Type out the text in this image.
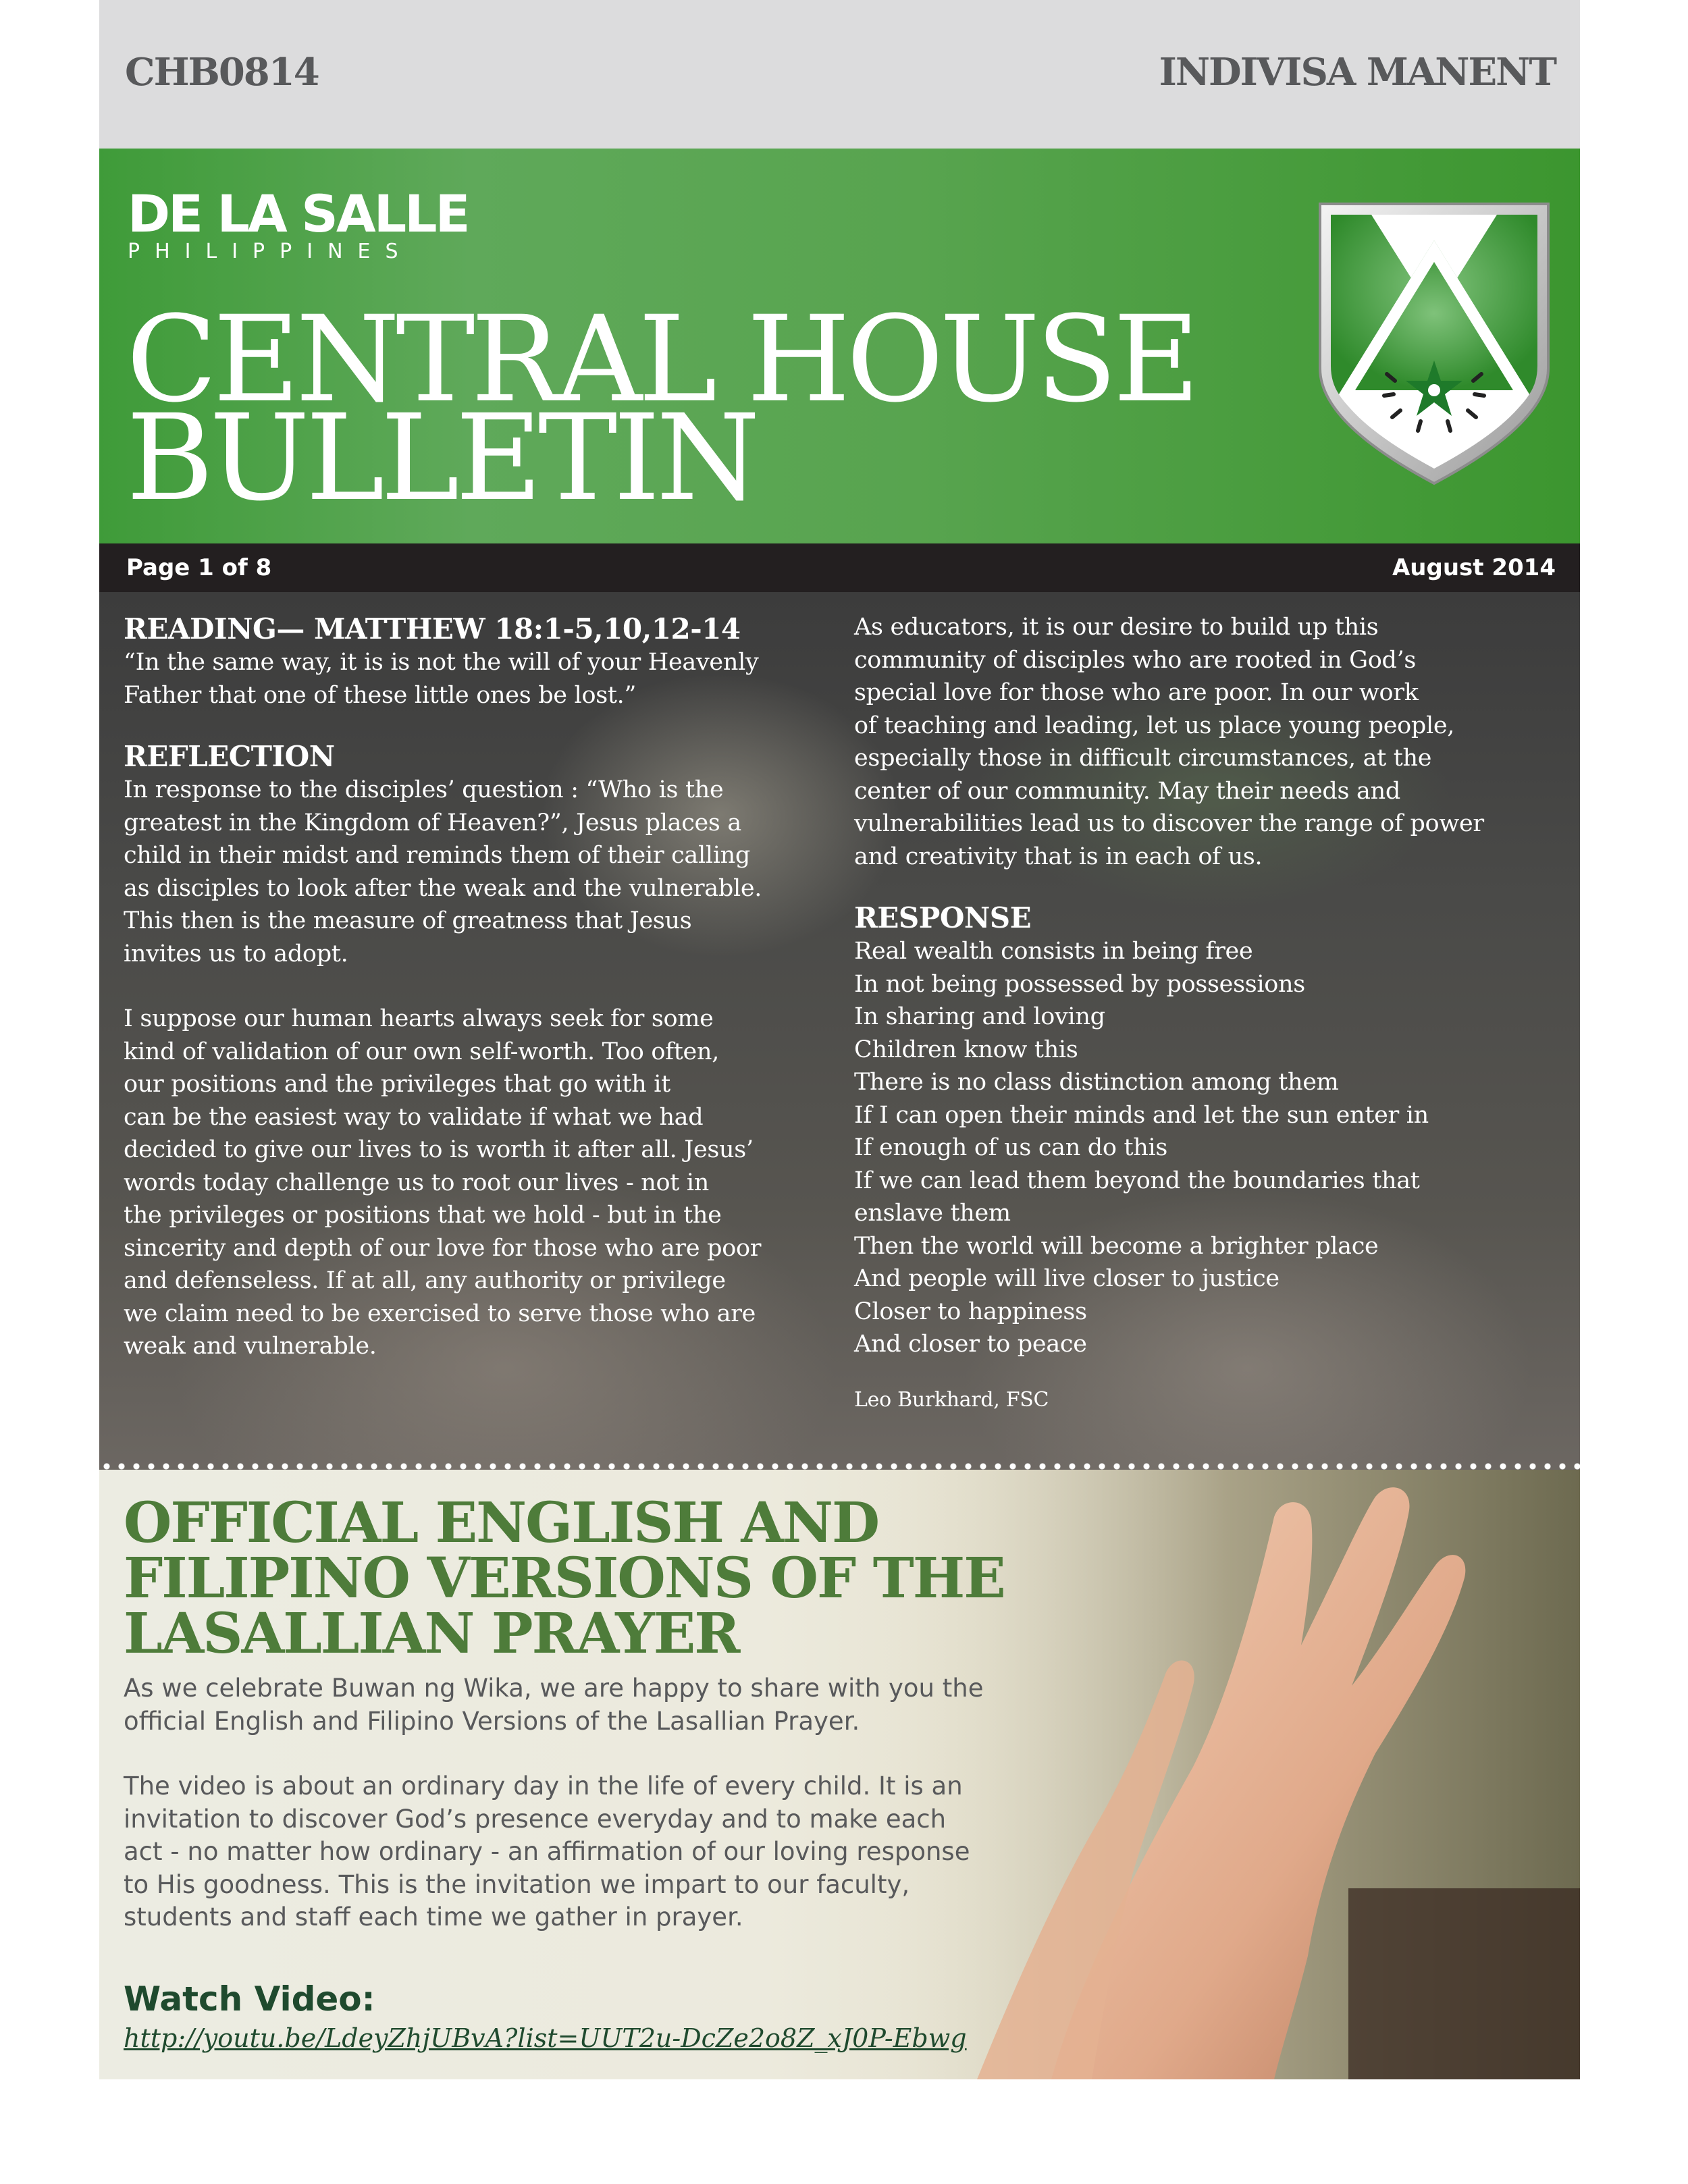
CHB0814	INDIVISA MANENT
DE LA SALLE
PHILIPPINES
CENTRAL HOUSE
BULLETIN
Page 1 of 8	August 2014
READING— MATTHEW 18:1-5,10,12-14

“In the same way, it is is not the will of your Heavenly
Father that one of these little ones be lost.”

REFLECTION

In response to the disciples’ question : “Who is the
greatest in the Kingdom of Heaven?”, Jesus places a
child in their midst and reminds them of their calling
as disciples to look after the weak and the vulnerable.
This then is the measure of greatness that Jesus
invites us to adopt.

I suppose our human hearts always seek for some
kind of validation of our own self-worth. Too often,
our positions and the privileges that go with it
can be the easiest way to validate if what we had
decided to give our lives to is worth it after all. Jesus’
words today challenge us to root our lives - not in
the privileges or positions that we hold - but in the
sincerity and depth of our love for those who are poor
and defenseless. If at all, any authority or privilege
we claim need to be exercised to serve those who are
weak and vulnerable.

As educators, it is our desire to build up this
community of disciples who are rooted in God’s
special love for those who are poor. In our work
of teaching and leading, let us place young people,
especially those in difficult circumstances, at the
center of our community. May their needs and
vulnerabilities lead us to discover the range of power
and creativity that is in each of us.

RESPONSE

Real wealth consists in being free
In not being possessed by possessions
In sharing and loving
Children know this
There is no class distinction among them
If I can open their minds and let the sun enter in
If enough of us can do this
If we can lead them beyond the boundaries that
enslave them
Then the world will become a brighter place
And people will live closer to justice
Closer to happiness
And closer to peace

Leo Burkhard, FSC
OFFICIAL ENGLISH AND
FILIPINO VERSIONS OF THE
LASALLIAN PRAYER

As we celebrate Buwan ng Wika, we are happy to share with you the
official English and Filipino Versions of the Lasallian Prayer.

The video is about an ordinary day in the life of every child. It is an
invitation to discover God’s presence everyday and to make each
act - no matter how ordinary - an affirmation of our loving response
to His goodness. This is the invitation we impart to our faculty,
students and staff each time we gather in prayer.

Watch Video:
http://youtu.be/LdeyZhjUBvA?list=UUT2u-DcZe2o8Z_xJ0P-Ebwg
